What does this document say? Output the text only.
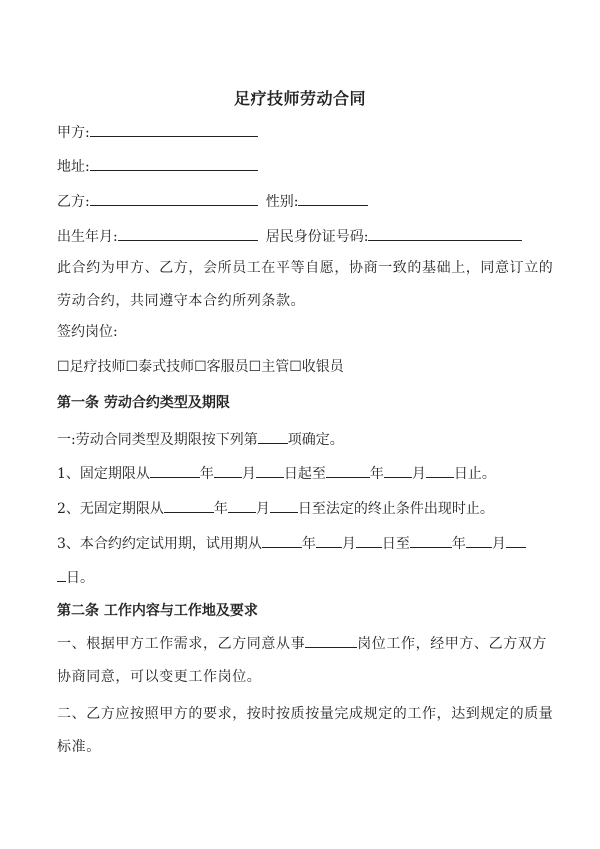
足疗技师劳动合同
甲方:
地址:
乙方:	性别:
出生年月:	居民身份证号码:
此合约为甲方、乙方，会所员工在平等自愿，协商一致的基础上，同意订立的劳动合约，共同遵守本合约所列条款。
签约岗位:
☐足疗技师☐泰式技师☐客服员☐主管☐收银员
第一条 劳动合约类型及期限
一:劳动合同类型及期限按下列第 项确定。
1、固定期限从	年 月 日起至	年 月 日止。
2、无固定期限从	年 月 日至法定的终止条件出现时止。
3、本合约约定试用期，试用期从	年 月 日至	年 月
日。
第二条 工作内容与工作地及要求
一、根据甲方工作需求，乙方同意从事	岗位工作，经甲方、乙方双方协商同意，可以变更工作岗位。
二、乙方应按照甲方的要求，按时按质按量完成规定的工作，达到规定的质量标准。
